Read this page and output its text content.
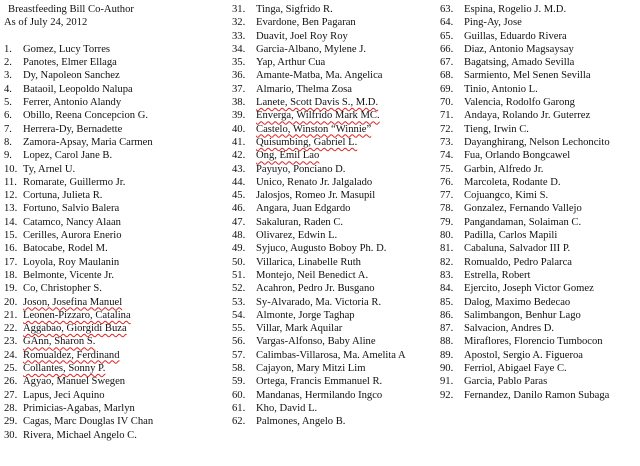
Breastfeeding Bill Co-Author
As of July 24, 2012
1.	Gomez, Lucy Torres
2.	Panotes, Elmer Ellaga
3.	Dy, Napoleon Sanchez
4.	Bataoil, Leopoldo Nalupa
5.	Ferrer, Antonio Alandy
6.	Obillo, Reena Concepcion G.
7.	Herrera-Dy, Bernadette
8.	Zamora-Apsay, Maria Carmen
9.	Lopez, Carol Jane B.
10. Ty, Arnel U.
11. Romarate, Guillermo Jr.
12. Cortuna, Julieta R.
13. Fortuno, Salvio Balera
14. Catamco, Nancy Alaan
15. Cerilles, Aurora Enerio
16. Batocabe, Rodel M.
17. Loyola, Roy Maulanin
18. Belmonte, Vicente Jr.
19. Co, Christopher S.
20. Joson, Josefina Manuel
21. Leonen-Pizzaro, Catalina
22. Aggabao, Giorgidi Buza
23. GAnn, Sharon S.
24. Romualdez, Ferdinand
25. Collantes, Sonny P.
26. Agyao, Manuel Swegen
27. Lapus, Jeci Aquino
28. Primicias-Agabas, Marlyn
29. Cagas, Marc Douglas IV Chan
30. Rivera, Michael Angelo C.
31.	Tinga, Sigfrido R.
32.	Evardone, Ben Pagaran
33.	Duavit, Joel Roy Roy
34.	Garcia-Albano, Mylene J.
35.	Yap, Arthur Cua
36.	Amante-Matba, Ma. Angelica
37.	Almario, Thelma Zosa
38.	Lanete, Scott Davis S., M.D.
39.	Enverga, Wilfrido Mark MC.
40.	Castelo, Winston “Winnie”
41.	Quisumbing, Gabriel L.
42.	Ong, Emil Lao
43.	Payuyo, Ponciano D.
44.	Unico, Renato Jr. Jalgalado
45.	Jalosjos, Romeo Jr. Masupil
46.	Angara, Juan Edgardo
47.	Sakaluran, Raden C.
48.	Olivarez, Edwin L.
49.	Syjuco, Augusto Boboy Ph. D.
50.	Villarica, Linabelle Ruth
51.	Montejo, Neil Benedict A.
52.	Acahron, Pedro Jr. Busgano
53.	Sy-Alvarado, Ma. Victoria R.
54.	Almonte, Jorge Taghap
55.	Villar, Mark Aquilar
56.	Vargas-Alfonso, Baby Aline
57.	Calimbas-Villarosa, Ma. Amelita A
58.	Cajayon, Mary Mitzi Lim
59.	Ortega, Francis Emmanuel R.
60.	Mandanas, Hermilando Ingco
61.	Kho, David L.
62.	Palmones, Angelo B.
63.	Espina, Rogelio J. M.D.
64.	Ping-Ay, Jose
65.	Guillas, Eduardo Rivera
66.	Diaz, Antonio Magsaysay
67.	Bagatsing, Amado Sevilla
68.	Sarmiento, Mel Senen Sevilla
69.	Tinio, Antonio L.
70.	Valencia, Rodolfo Garong
71.	Andaya, Rolando Jr. Guterrez
72.	Tieng, Irwin C.
73.	Dayanghirang, Nelson Lechoncito
74.	Fua, Orlando Bongcawel
75.	Garbin, Alfredo Jr.
76.	Marcoleta, Rodante D.
77.	Cojuangco, Kimi S.
78.	Gonzalez, Fernando Vallejo
79.	Pangandaman, Solaiman C.
80.	Padilla, Carlos Mapili
81.	Cabaluna, Salvador III P.
82.	Romualdo, Pedro Palarca
83.	Estrella, Robert
84.	Ejercito, Joseph Victor Gomez
85.	Dalog, Maximo Bedecao
86.	Salimbangon, Benhur Lago
87.	Salvacion, Andres D.
88.	Miraflores, Florencio Tumbocon
89.	Apostol, Sergio A. Figueroa
90.	Ferriol, Abigael Faye C.
91.	Garcia, Pablo Paras
92.	Fernandez, Danilo Ramon Subaga
